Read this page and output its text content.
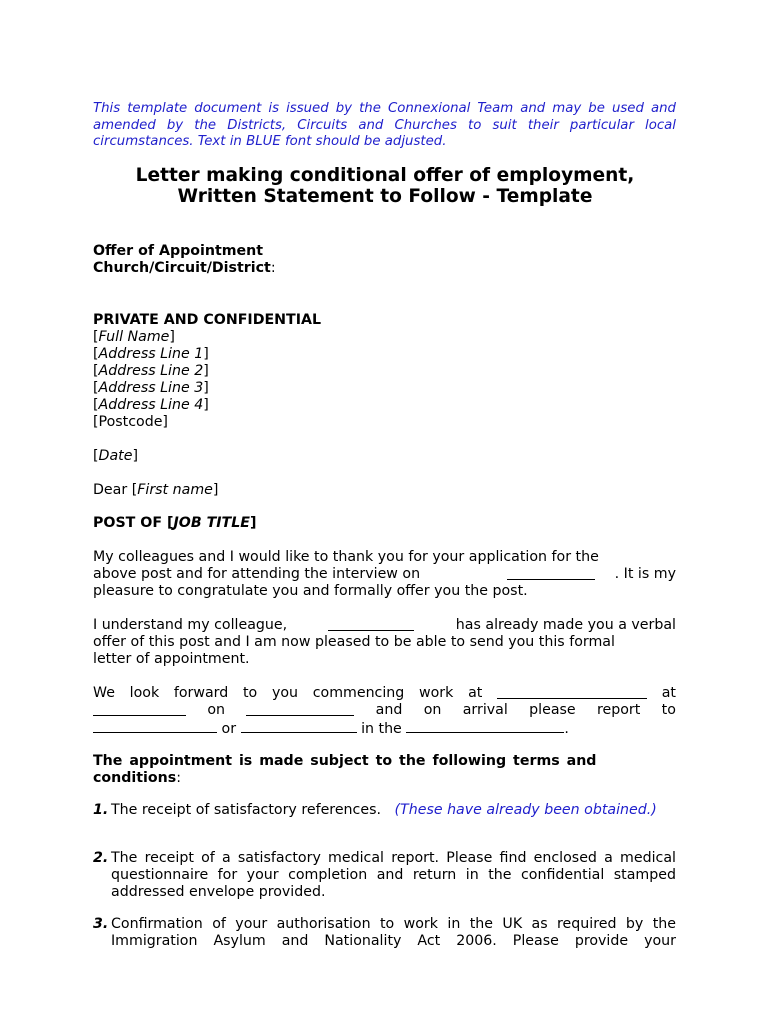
This template document is issued by the Connexional Team and may be used and amended by the Districts, Circuits and Churches to suit their particular local circumstances. Text in BLUE font should be adjusted.
Letter making conditional offer of employment,
Written Statement to Follow - Template
Offer of Appointment
Church/Circuit/District:
PRIVATE AND CONFIDENTIAL
[Full Name]
[Address Line 1]
[Address Line 2]
[Address Line 3]
[Address Line 4]
[Postcode]
[Date]
Dear [First name]
POST OF [JOB TITLE]
My colleagues and I would like to thank you for your application for the
above post and for attending the interview on	. It is my
pleasure to congratulate you and formally offer you the post.
I understand my colleague,	has already made you a verbal
offer of this post and I am now pleased to be able to send you this formal
letter of appointment.
We look forward to you commencing work at	at
on	and on arrival please report to
or	in the	.
The appointment is made subject to the following terms and
conditions:
1. The receipt of satisfactory references. (These have already been obtained.)
2. The receipt of a satisfactory medical report. Please find enclosed a medical questionnaire for your completion and return in the confidential stamped addressed envelope provided.
3. Confirmation of your authorisation to work in the UK as required by the Immigration Asylum and Nationality Act 2006. Please provide your
